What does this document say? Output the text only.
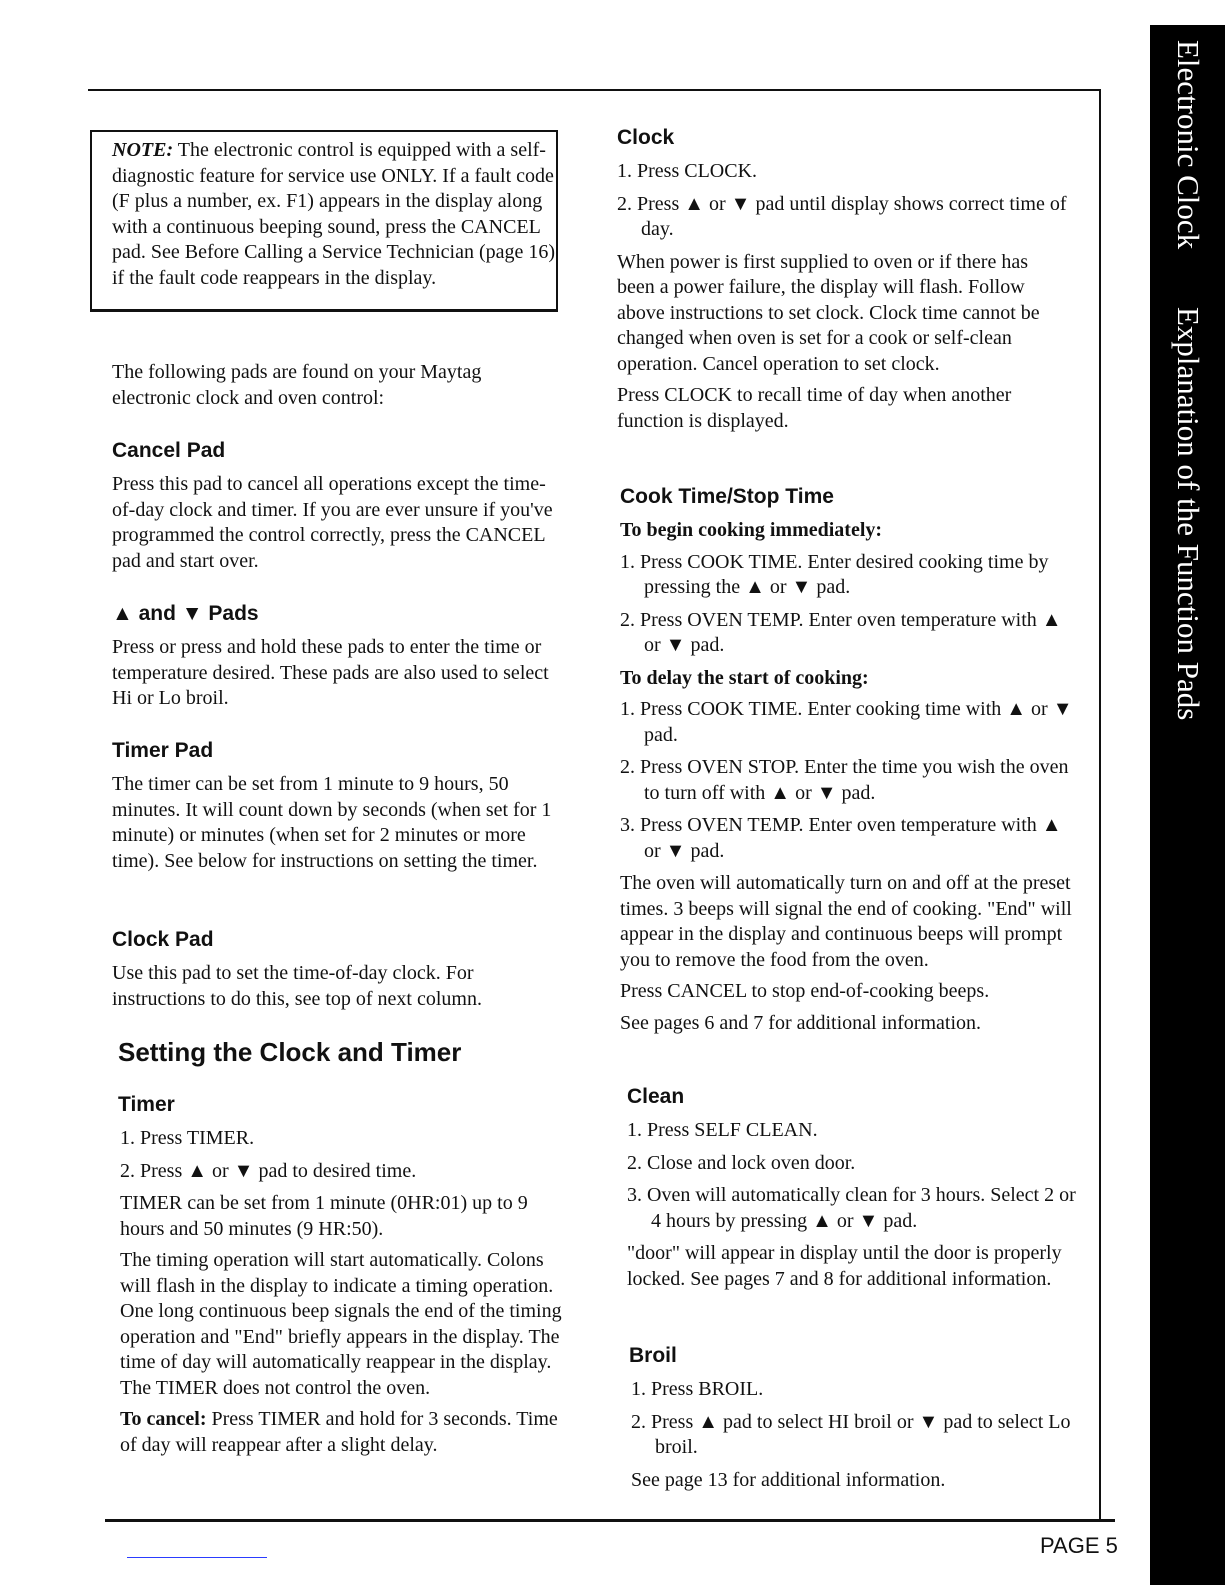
Electronic Clock Explanation of the Function Pads
PAGE 5
NOTE: The electronic control is equipped with a self-diagnostic feature for service use ONLY. If a fault code (F plus a number, ex. F1) appears in the display along with a continuous beeping sound, press the CANCEL pad. See Before Calling a Service Technician (page 16) if the fault code reappears in the display.
The following pads are found on your Maytag electronic clock and oven control:
Cancel Pad
Press this pad to cancel all operations except the time-of-day clock and timer. If you are ever unsure if you've programmed the control correctly, press the CANCEL pad and start over.
▲ and ▼ Pads
Press or press and hold these pads to enter the time or temperature desired. These pads are also used to select Hi or Lo broil.
Timer Pad
The timer can be set from 1 minute to 9 hours, 50 minutes. It will count down by seconds (when set for 1 minute) or minutes (when set for 2 minutes or more time). See below for instructions on setting the timer.
Clock Pad
Use this pad to set the time-of-day clock. For instructions to do this, see top of next column.
Setting the Clock and Timer
Timer
1. Press TIMER.
2. Press ▲ or ▼ pad to desired time.

TIMER can be set from 1 minute (0HR:01) up to 9 hours and 50 minutes (9 HR:50).

The timing operation will start automatically. Colons will flash in the display to indicate a timing operation. One long continuous beep signals the end of the timing operation and "End" briefly appears in the display. The time of day will automatically reappear in the display. The TIMER does not control the oven.

To cancel: Press TIMER and hold for 3 seconds. Time of day will reappear after a slight delay.

Clock
1. Press CLOCK.
2. Press ▲ or ▼ pad until display shows correct time of day.

When power is first supplied to oven or if there has been a power failure, the display will flash. Follow above instructions to set clock. Clock time cannot be changed when oven is set for a cook or self-clean operation. Cancel operation to set clock.

Press CLOCK to recall time of day when another function is displayed.

Cook Time/Stop Time

To begin cooking immediately:

1. Press COOK TIME. Enter desired cooking time by pressing the ▲ or ▼ pad.
2. Press OVEN TEMP. Enter oven temperature with ▲ or ▼ pad.

To delay the start of cooking:

1. Press COOK TIME. Enter cooking time with ▲ or ▼ pad.
2. Press OVEN STOP. Enter the time you wish the oven to turn off with ▲ or ▼ pad.
3. Press OVEN TEMP. Enter oven temperature with ▲ or ▼ pad.

The oven will automatically turn on and off at the preset times. 3 beeps will signal the end of cooking. "End" will appear in the display and continuous beeps will prompt you to remove the food from the oven.

Press CANCEL to stop end-of-cooking beeps.

See pages 6 and 7 for additional information.

Clean
1. Press SELF CLEAN.
2. Close and lock oven door.
3. Oven will automatically clean for 3 hours. Select 2 or 4 hours by pressing ▲ or ▼ pad.

"door" will appear in display until the door is properly locked. See pages 7 and 8 for additional information.

Broil
1. Press BROIL.
2. Press ▲ pad to select HI broil or ▼ pad to select Lo broil.

See page 13 for additional information.
